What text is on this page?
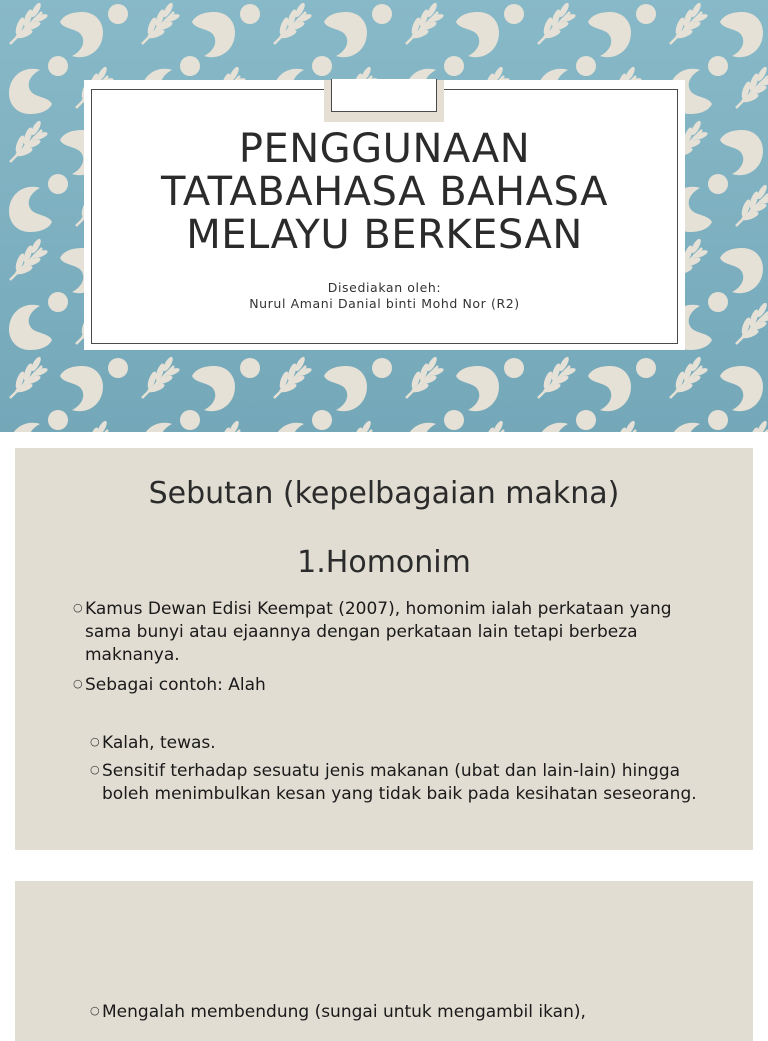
PENGGUNAAN
TATABAHASA BAHASA
MELAYU BERKESAN
Disediakan oleh:
Nurul Amani Danial binti Mohd Nor (R2)
Sebutan (kepelbagaian makna)
1.Homonim
○ Kamus Dewan Edisi Keempat (2007), homonim ialah perkataan yang sama bunyi atau ejaannya dengan perkataan lain tetapi berbeza maknanya.
○ Sebagai contoh: Alah
○ Kalah, tewas.
○ Sensitif terhadap sesuatu jenis makanan (ubat dan lain-lain) hingga boleh menimbulkan kesan yang tidak baik pada kesihatan seseorang.
○ Mengalah membendung (sungai untuk mengambil ikan),
